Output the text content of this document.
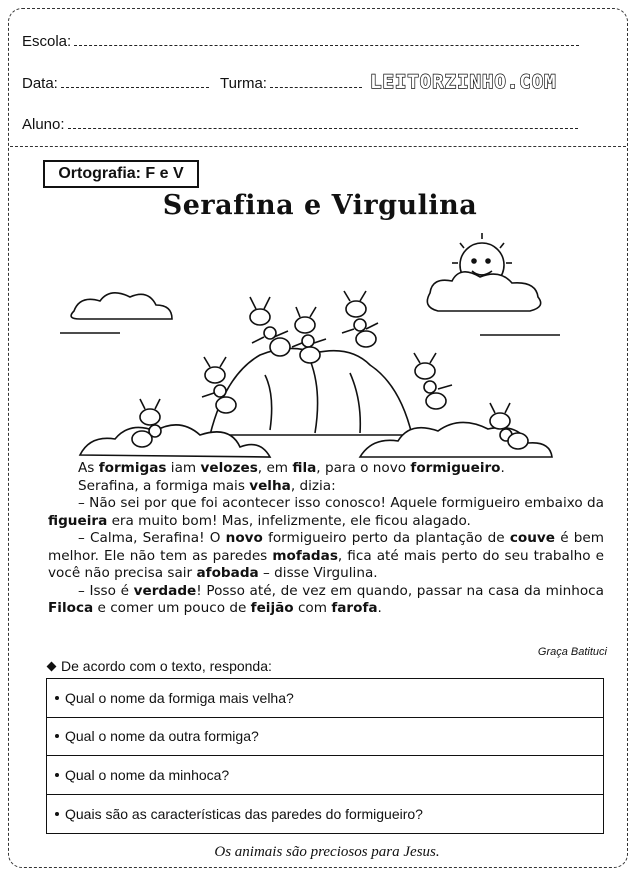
Escola:
Data:	Turma:	LEITORZINHO.COM
Aluno:
Ortografia: F e V
Serafina e Virgulina

As formigas iam velozes, em fila, para o novo formigueiro.

Serafina, a formiga mais velha, dizia:

– Não sei por que foi acontecer isso conosco! Aquele formigueiro embaixo da figueira era muito bom! Mas, infelizmente, ele ficou alagado.

– Calma, Serafina! O novo formigueiro perto da plantação de couve é bem melhor. Ele não tem as paredes mofadas, fica até mais perto do seu trabalho e você não precisa sair afobada – disse Virgulina.

– Isso é verdade! Posso até, de vez em quando, passar na casa da minhoca Filoca e comer um pouco de feijão com farofa.

Graça Batituci
De acordo com o texto, responda:
Qual o nome da formiga mais velha?
Qual o nome da outra formiga?
Qual o nome da minhoca?
Quais são as características das paredes do formigueiro?
Os animais são preciosos para Jesus.
